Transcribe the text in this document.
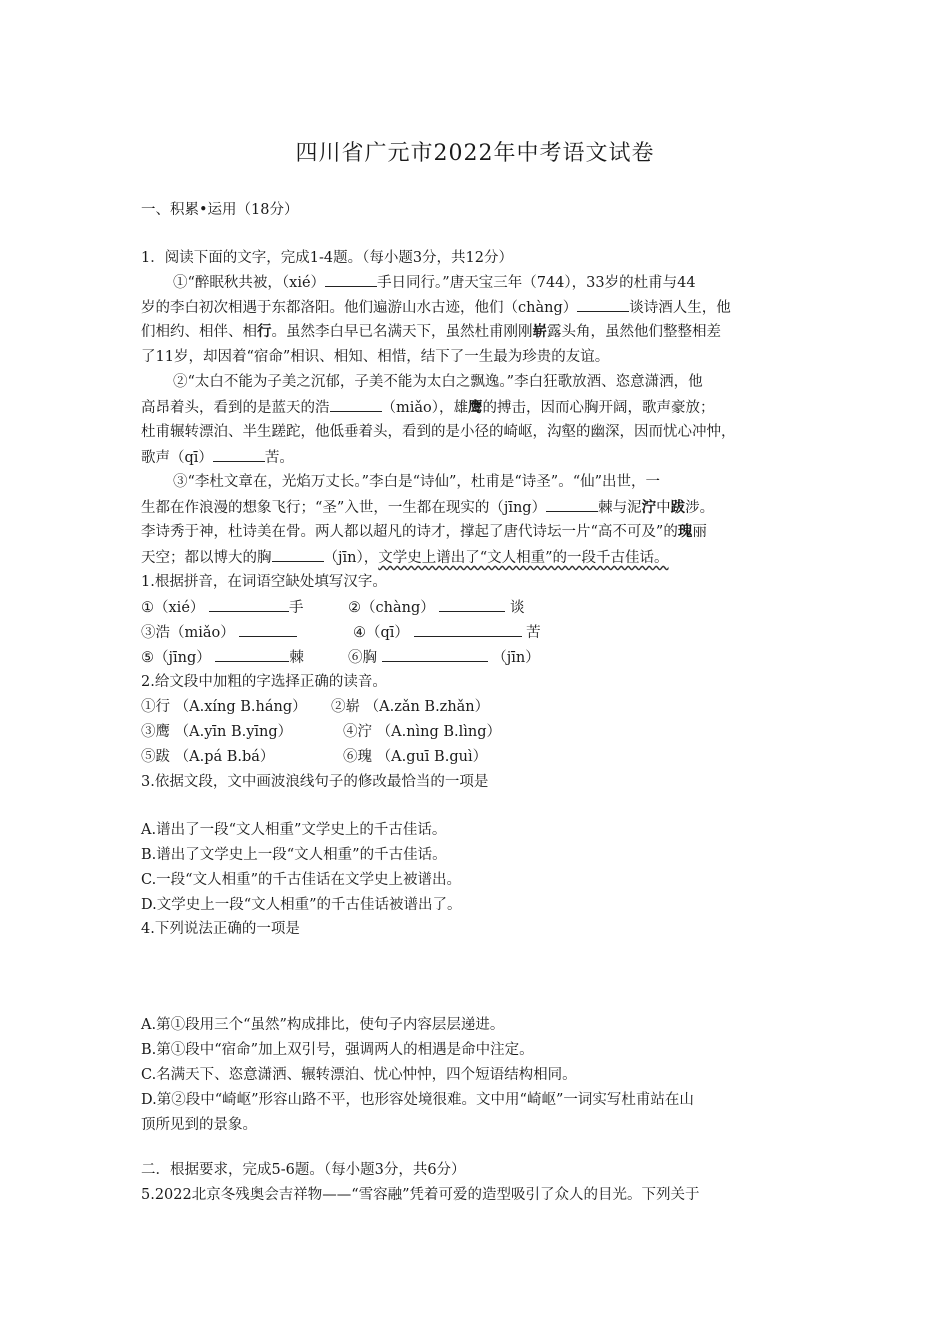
四川省广元市2022年中考语文试卷
一、积累•运用（18分）
1．阅读下面的文字，完成1-4题。（每小题3分，共12分）
①“醉眠秋共被，（xié）	手日同行。”唐天宝三年（744），33岁的杜甫与44
岁的李白初次相遇于东都洛阳。他们遍游山水古迹，他们（chàng）	谈诗酒人生，他
们相约、相伴、相行。虽然李白早已名满天下，虽然杜甫刚刚崭露头角，虽然他们整整相差
了11岁，却因着“宿命”相识、相知、相惜，结下了一生最为珍贵的友谊。
②“太白不能为子美之沉郁，子美不能为太白之飘逸。”李白狂歌放酒、恣意潇洒，他
高昂着头，看到的是蓝天的浩	（miǎo），雄鹰的搏击，因而心胸开阔，歌声豪放；
杜甫辗转漂泊、半生蹉跎，他低垂着头，看到的是小径的崎岖，沟壑的幽深，因而忧心冲忡，
歌声（qī）	苦。
③“李杜文章在，光焰万丈长。”李白是“诗仙”，杜甫是“诗圣”。“仙”出世，一
生都在作浪漫的想象飞行；“圣”入世，一生都在现实的（jīng）	棘与泥泞中跋涉。
李诗秀于神，杜诗美在骨。两人都以超凡的诗才，撑起了唐代诗坛一片“高不可及”的瑰丽
天空；都以博大的胸	（jīn），文学史上谱出了“文人相重”的一段千古佳话。
1.根据拼音，在词语空缺处填写汉字。
①（xié）	手	②（chàng）	谈
③浩（miǎo）	④（qī）	苦
⑤（jīng）	棘	⑥胸	（jīn）
2.给文段中加粗的字选择正确的读音。
①行 （A.xíng B.háng） ②崭 （A.zǎn B.zhǎn）
③鹰 （A.yīn B.yīng）	④泞 （A.nìng B.lìng）
⑤跋 （A.pá B.bá）	⑥瑰 （A.guī B.guì）
3.依据文段，文中画波浪线句子的修改最恰当的一项是
A.谱出了一段“文人相重”文学史上的千古佳话。
B.谱出了文学史上一段“文人相重”的千古佳话。
C.一段“文人相重”的千古佳话在文学史上被谱出。
D.文学史上一段“文人相重”的千古佳话被谱出了。
4.下列说法正确的一项是
A.第①段用三个“虽然”构成排比，使句子内容层层递进。
B.第①段中“宿命”加上双引号，强调两人的相遇是命中注定。
C.名满天下、恣意潇洒、辗转漂泊、忧心忡忡，四个短语结构相同。
D.第②段中“崎岖”形容山路不平，也形容处境很难。文中用“崎岖”一词实写杜甫站在山
顶所见到的景象。
二．根据要求，完成5-6题。（每小题3分，共6分）
5.2022北京冬残奥会吉祥物——“雪容融”凭着可爱的造型吸引了众人的目光。下列关于
